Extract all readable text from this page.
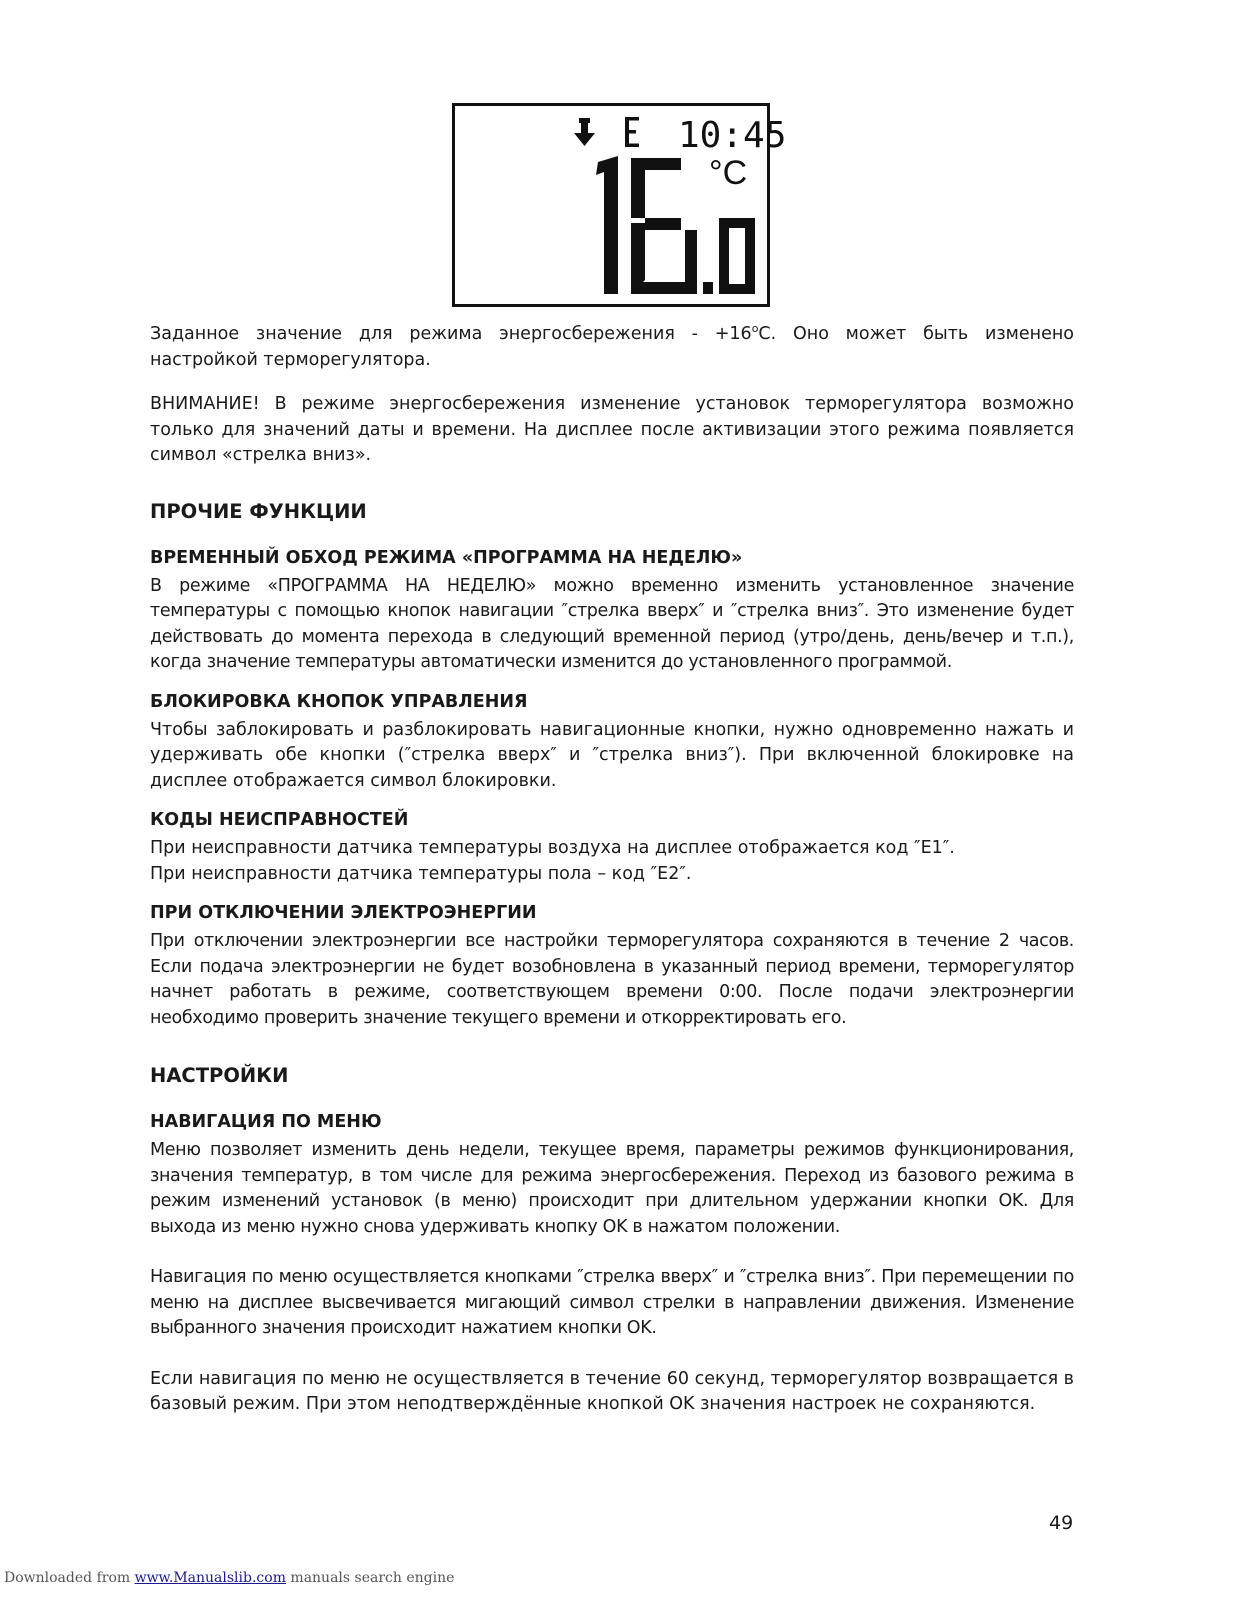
10:45
°C

Заданное значение для режима энергосбережения - $+16^oC$. Оно может быть изменено настройкой терморегулятора.

ВНИМАНИЕ! В режиме энергосбережения изменение установок терморегулятора возможно только для значений даты и времени. На дисплее после активизации этого режима появляется символ «стрелка вниз».

ПРОЧИЕ ФУНКЦИИ
ВРЕМЕННЫЙ ОБХОД РЕЖИМА «ПРОГРАММА НА НЕДЕЛЮ»

В режиме «ПРОГРАММА НА НЕДЕЛЮ» можно временно изменить установленное значение температуры с помощью кнопок навигации ″стрелка вверх″ и ″стрелка вниз″. Это изменение будет действовать до момента перехода в следующий временной период (утро/день, день/вечер и т.п.), когда значение температуры автоматически изменится до установленного программой.

БЛОКИРОВКА КНОПОК УПРАВЛЕНИЯ

Чтобы заблокировать и разблокировать навигационные кнопки, нужно одновременно нажать и удерживать обе кнопки (″стрелка вверх″ и ″стрелка вниз″). При включенной блокировке на дисплее отображается символ блокировки.

КОДЫ НЕИСПРАВНОСТЕЙ

При неисправности датчика температуры воздуха на дисплее отображается код ″E1″.

При неисправности датчика температуры пола – код ″E2″.

ПРИ ОТКЛЮЧЕНИИ ЭЛЕКТРОЭНЕРГИИ

При отключении электроэнергии все настройки терморегулятора сохраняются в течение 2 часов. Если подача электроэнергии не будет возобновлена в указанный период времени, терморегулятор начнет работать в режиме, соответствующем времени 0:00. После подачи электроэнергии необходимо проверить значение текущего времени и откорректировать его.

НАСТРОЙКИ
НАВИГАЦИЯ ПО МЕНЮ

Меню позволяет изменить день недели, текущее время, параметры режимов функционирования, значения температур, в том числе для режима энергосбережения. Переход из базового режима в режим изменений установок (в меню) происходит при длительном удержании кнопки OK. Для выхода из меню нужно снова удерживать кнопку OK в нажатом положении.

Навигация по меню осуществляется кнопками ″стрелка вверх″ и ″стрелка вниз″. При перемещении по меню на дисплее высвечивается мигающий символ стрелки в направлении движения. Изменение выбранного значения происходит нажатием кнопки OK.

Если навигация по меню не осуществляется в течение 60 секунд, терморегулятор возвращается в базовый режим. При этом неподтверждённые кнопкой OK значения настроек не сохраняются.

49
Downloaded from www.Manualslib.com manuals search engine
